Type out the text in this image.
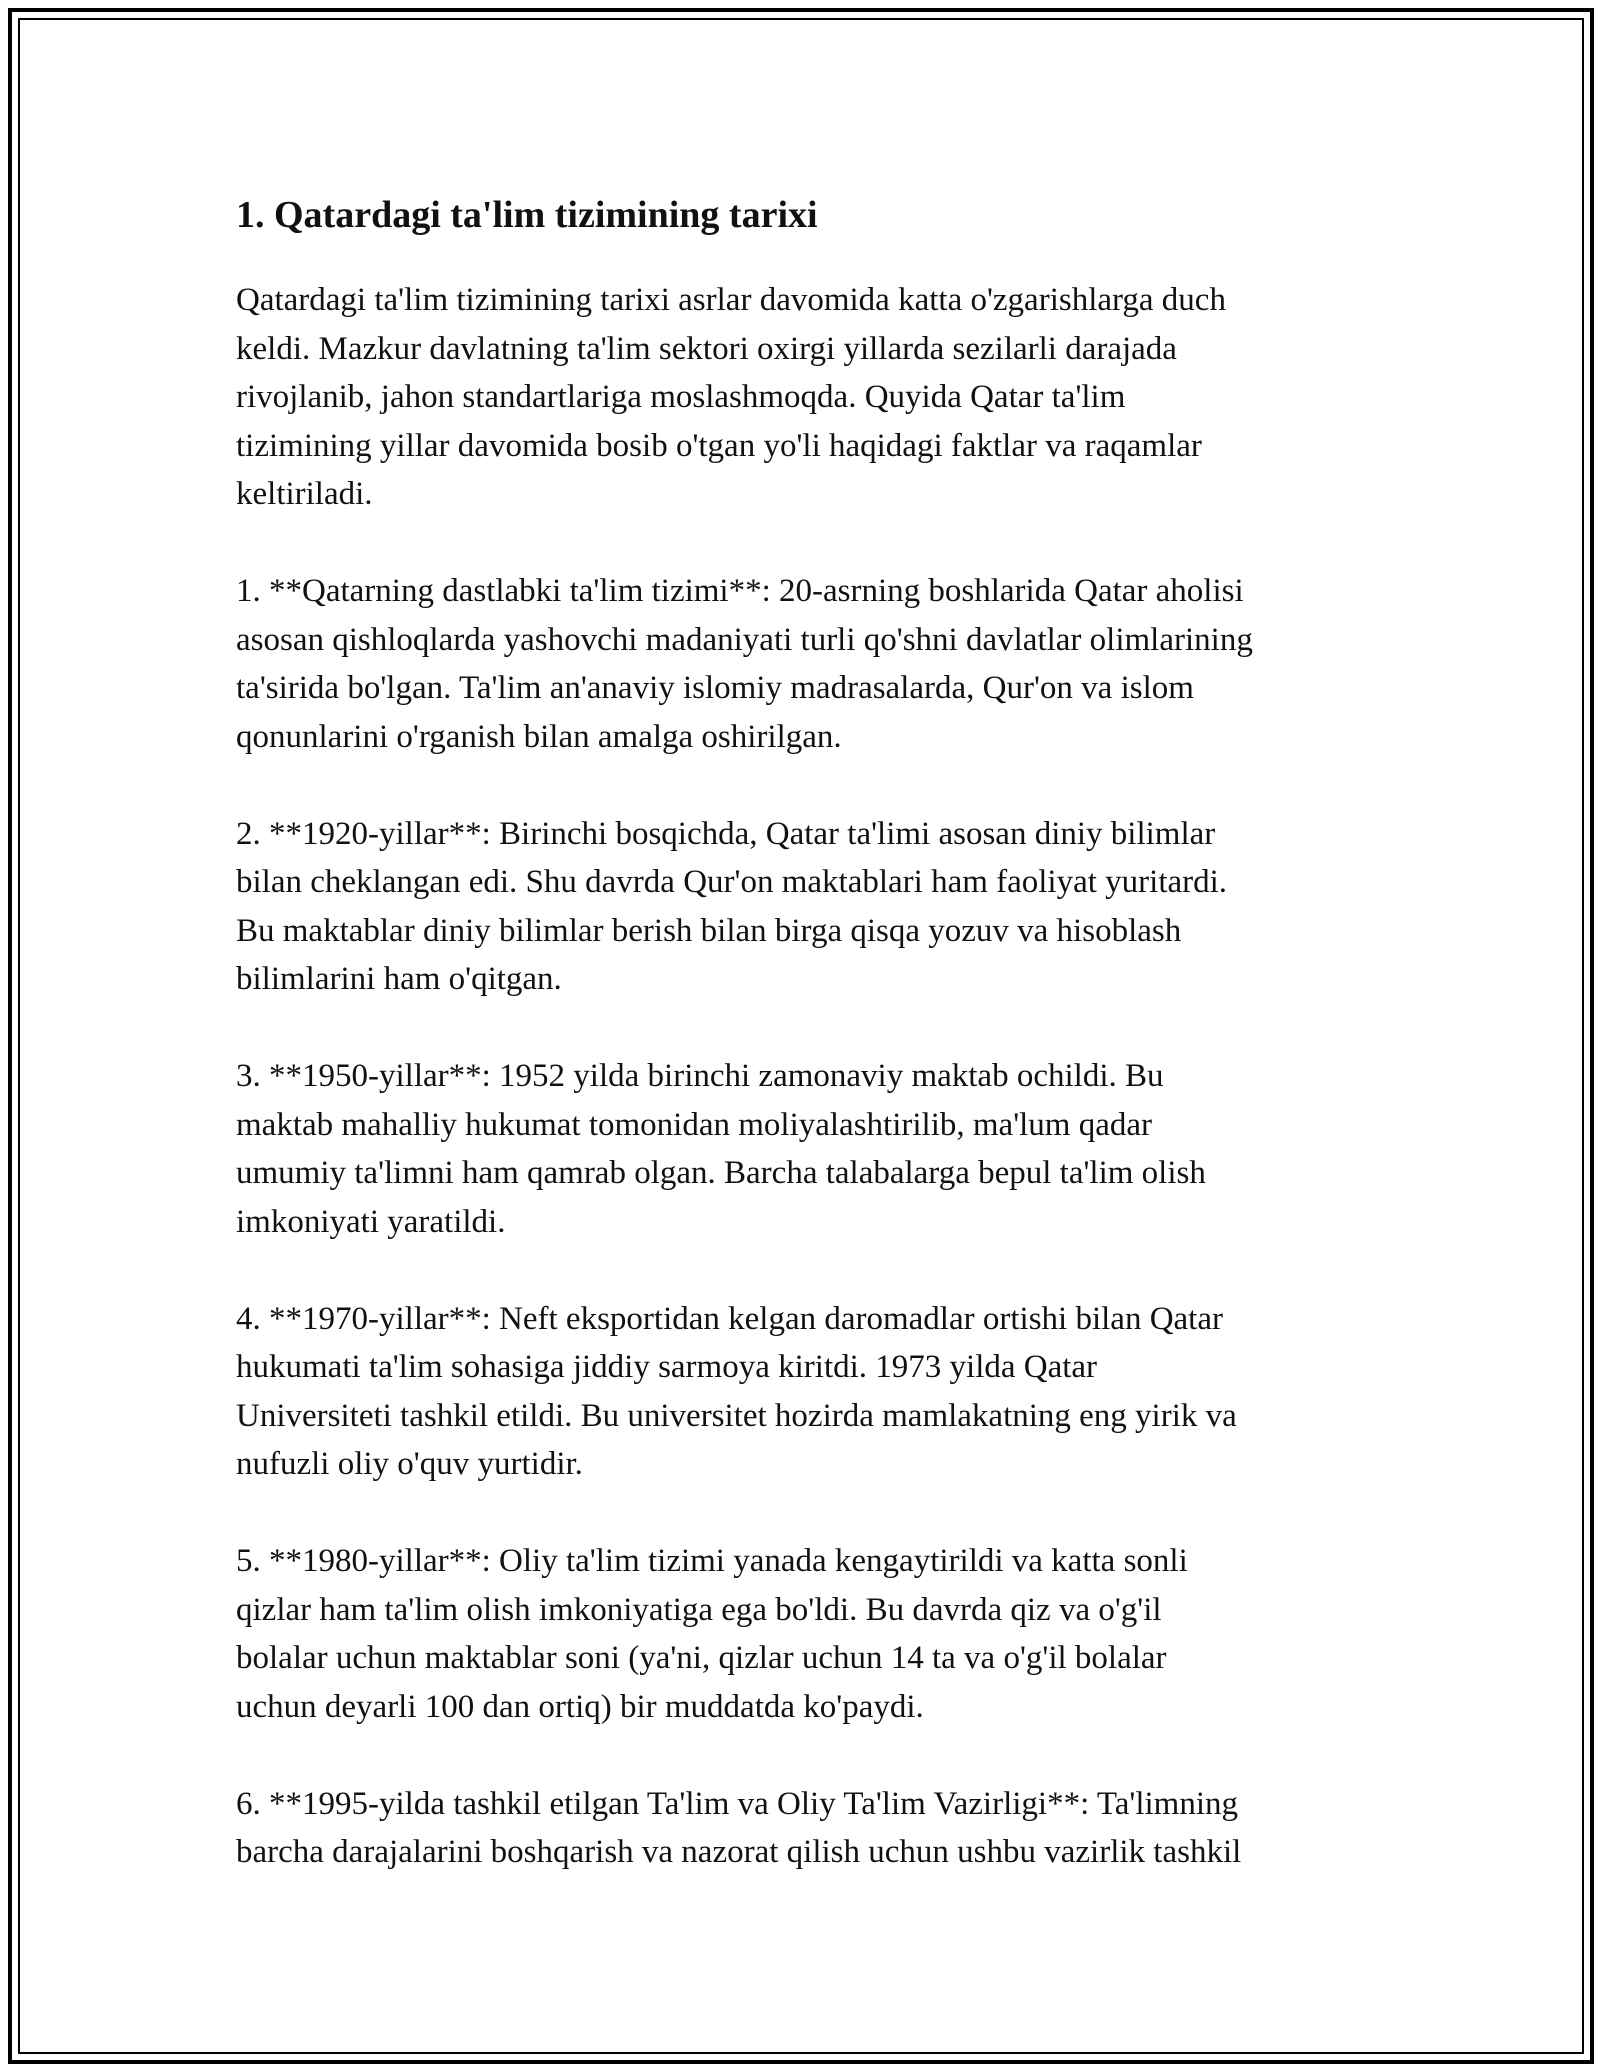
1. Qatardagi ta'lim tizimining tarixi

Qatardagi ta'lim tizimining tarixi asrlar davomida katta o'zgarishlarga duch
keldi. Mazkur davlatning ta'lim sektori oxirgi yillarda sezilarli darajada
rivojlanib, jahon standartlariga moslashmoqda. Quyida Qatar ta'lim
tizimining yillar davomida bosib o'tgan yo'li haqidagi faktlar va raqamlar
keltiriladi.

1. **Qatarning dastlabki ta'lim tizimi**: 20-asrning boshlarida Qatar aholisi
asosan qishloqlarda yashovchi madaniyati turli qo'shni davlatlar olimlarining
ta'sirida bo'lgan. Ta'lim an'anaviy islomiy madrasalarda, Qur'on va islom
qonunlarini o'rganish bilan amalga oshirilgan.

2. **1920-yillar**: Birinchi bosqichda, Qatar ta'limi asosan diniy bilimlar
bilan cheklangan edi. Shu davrda Qur'on maktablari ham faoliyat yuritardi.
Bu maktablar diniy bilimlar berish bilan birga qisqa yozuv va hisoblash
bilimlarini ham o'qitgan.

3. **1950-yillar**: 1952 yilda birinchi zamonaviy maktab ochildi. Bu
maktab mahalliy hukumat tomonidan moliyalashtirilib, ma'lum qadar
umumiy ta'limni ham qamrab olgan. Barcha talabalarga bepul ta'lim olish
imkoniyati yaratildi.

4. **1970-yillar**: Neft eksportidan kelgan daromadlar ortishi bilan Qatar
hukumati ta'lim sohasiga jiddiy sarmoya kiritdi. 1973 yilda Qatar
Universiteti tashkil etildi. Bu universitet hozirda mamlakatning eng yirik va
nufuzli oliy o'quv yurtidir.

5. **1980-yillar**: Oliy ta'lim tizimi yanada kengaytirildi va katta sonli
qizlar ham ta'lim olish imkoniyatiga ega bo'ldi. Bu davrda qiz va o'g'il
bolalar uchun maktablar soni (ya'ni, qizlar uchun 14 ta va o'g'il bolalar
uchun deyarli 100 dan ortiq) bir muddatda ko'paydi.

6. **1995-yilda tashkil etilgan Ta'lim va Oliy Ta'lim Vazirligi**: Ta'limning
barcha darajalarini boshqarish va nazorat qilish uchun ushbu vazirlik tashkil
